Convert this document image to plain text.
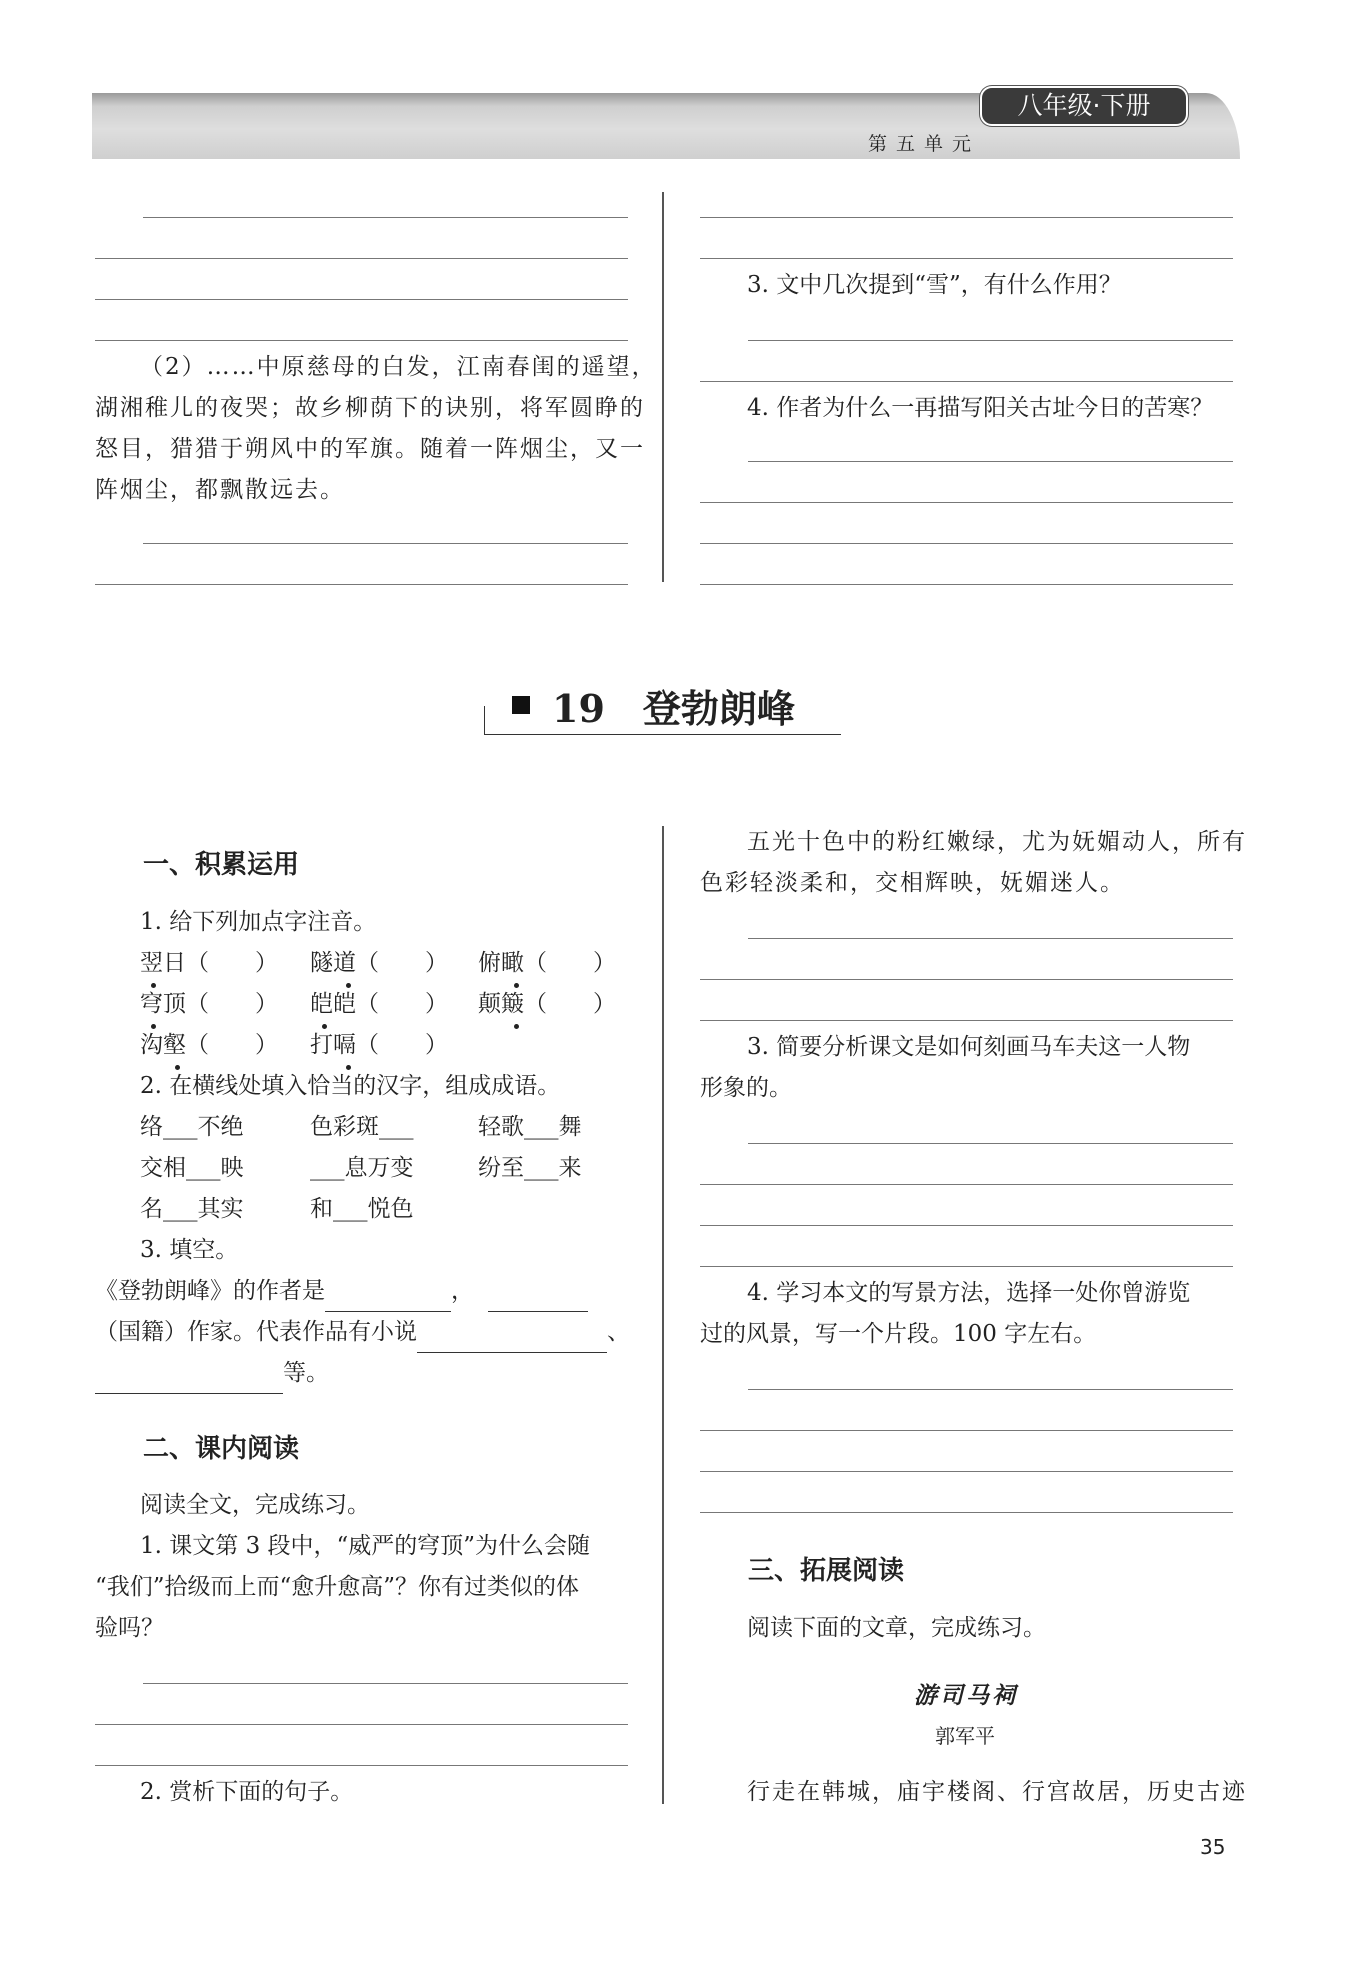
八年级·下册
第五单元
（2）……中原慈母的白发，江南春闺的遥望，
湖湘稚儿的夜哭；故乡柳荫下的诀别，将军圆睁的
怒目，猎猎于朔风中的军旗。随着一阵烟尘，又一
阵烟尘，都飘散远去。
3. 文中几次提到“雪”，有什么作用？
4. 作者为什么一再描写阳关古址今日的苦寒？
19  登勃朗峰
一、积累运用
1. 给下列加点字注音。
翌日（　　） 隧道（　　） 俯瞰（　　）
穹顶（　　） 皑皑（　　） 颠簸（　　）
沟壑（　　） 打嗝（　　）
2. 在横线处填入恰当的汉字，组成成语。
络___不绝	色彩斑___	轻歌___舞
交相___映	___息万变	纷至___来
名___其实	和___悦色
3. 填空。
《登勃朗峰》的作者是	，
（国籍）作家。代表作品有小说	、
等。
二、课内阅读
阅读全文，完成练习。
1. 课文第 3 段中，“威严的穹顶”为什么会随
“我们”拾级而上而“愈升愈高”？你有过类似的体
验吗？
2. 赏析下面的句子。
五光十色中的粉红嫩绿，尤为妩媚动人，所有
色彩轻淡柔和，交相辉映，妩媚迷人。
3. 简要分析课文是如何刻画马车夫这一人物
形象的。
4. 学习本文的写景方法，选择一处你曾游览
过的风景，写一个片段。100 字左右。
三、拓展阅读
阅读下面的文章，完成练习。
游司马祠
郭军平
行走在韩城，庙宇楼阁、行宫故居，历史古迹
35
